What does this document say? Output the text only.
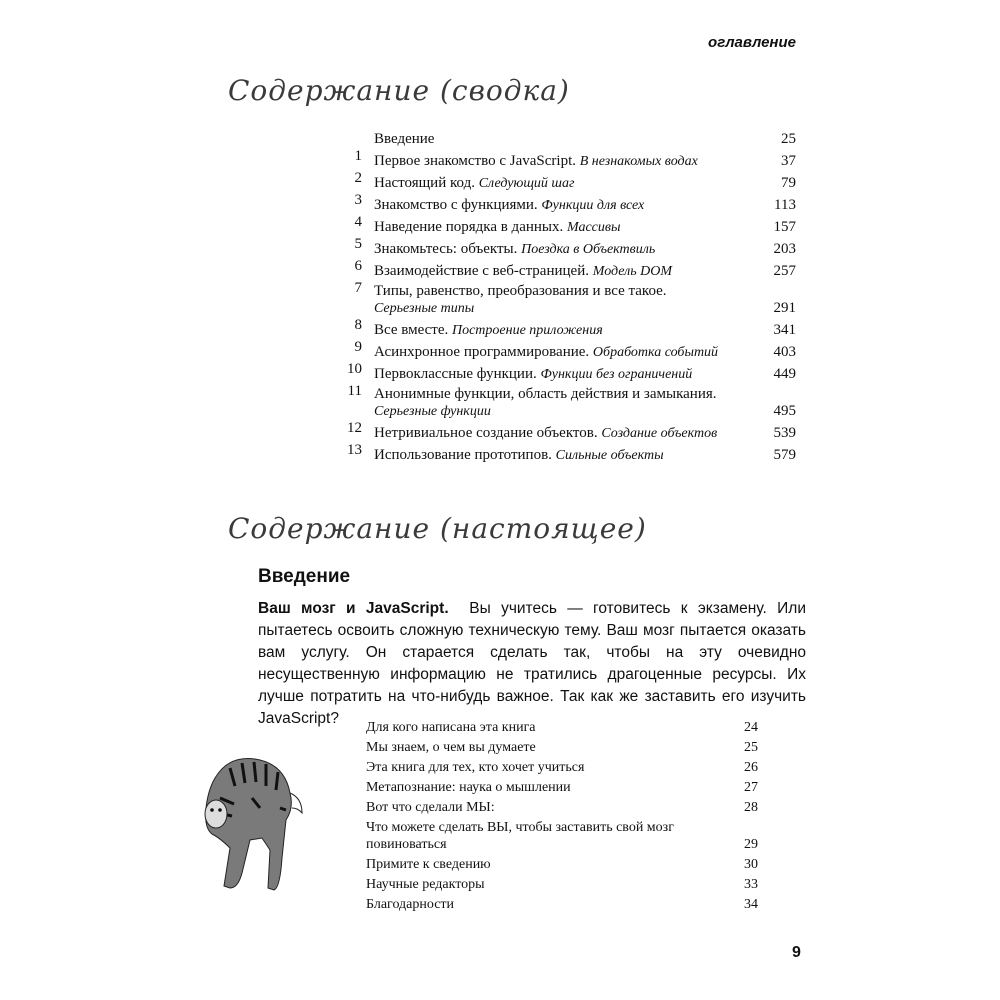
оглавление
Содержание (сводка)
Введение	25
1 Первое знакомство с JavaScript. В незнакомых водах	37
2 Настоящий код. Следующий шаг	79
3 Знакомство с функциями. Функции для всех	113
4 Наведение порядка в данных. Массивы	157
5 Знакомьтесь: объекты. Поездка в Объектвиль	203
6 Взаимодействие с веб-страницей. Модель DOM	257
7 Типы, равенство, преобразования и все такое.
Серьезные типы	291
8 Все вместе. Построение приложения	341
9 Асинхронное программирование. Обработка событий	403
10 Первоклассные функции. Функции без ограничений	449
11 Анонимные функции, область действия и замыкания.
Серьезные функции	495
12 Нетривиальное создание объектов. Создание объектов	539
13 Использование прототипов. Сильные объекты	579
Содержание (настоящее)
Введение
Ваш мозг и JavaScript. Вы учитесь — готовитесь к экзамену. Или пытаетесь освоить сложную техническую тему. Ваш мозг пытается оказать вам услугу. Он старается сделать так, чтобы на эту очевидно несущественную информацию не тратились драгоценные ресурсы. Их лучше потратить на что-нибудь важное. Так как же заставить его изучить JavaScript?
Для кого написана эта книга	24
Мы знаем, о чем вы думаете	25
Эта книга для тех, кто хочет учиться	26
Метапознание: наука о мышлении	27
Вот что сделали МЫ:	28
Что можете сделать ВЫ, чтобы заставить свой мозг повиноваться	29
Примите к сведению	30
Научные редакторы	33
Благодарности	34
9
